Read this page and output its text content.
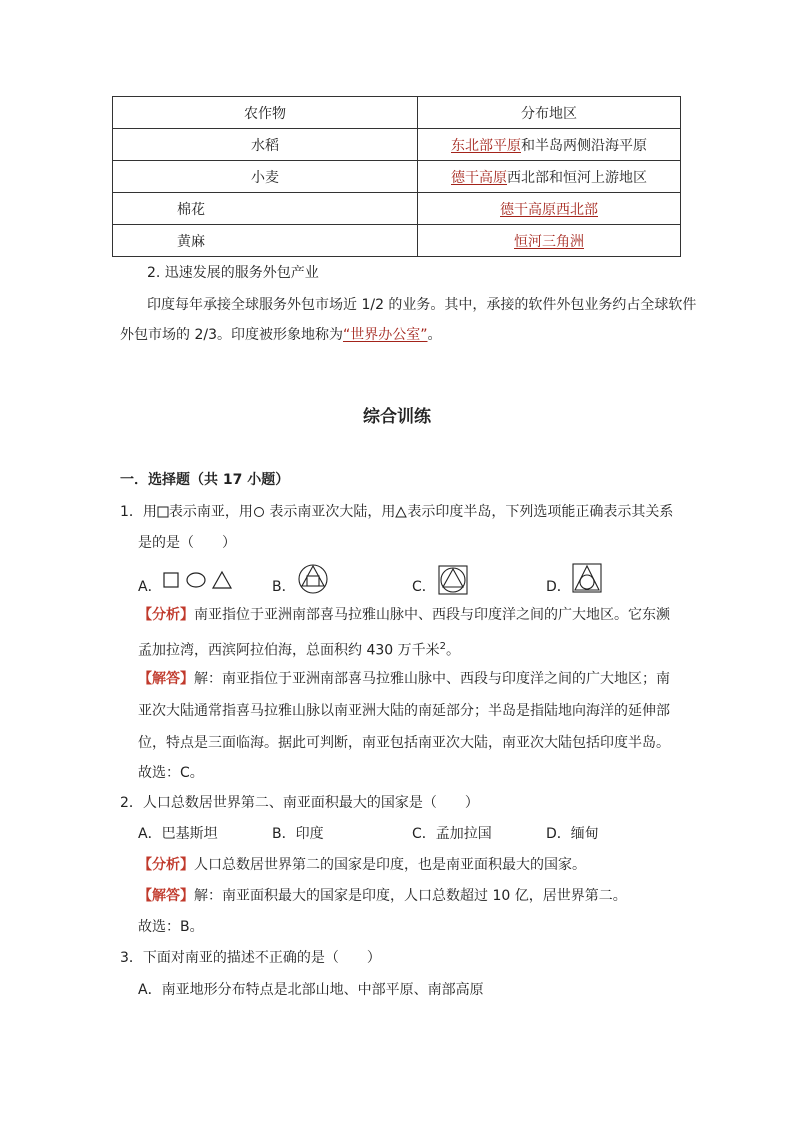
农作物	分布地区
水稻	东北部平原和半岛两侧沿海平原
小麦	德干高原西北部和恒河上游地区
棉花	德干高原西北部
黄麻	恒河三角洲
2. 迅速发展的服务外包产业
印度每年承接全球服务外包市场近 1/2 的业务。其中，承接的软件外包业务约占全球软件
外包市场的 2/3。印度被形象地称为“世界办公室”。
综合训练
一．选择题（共 17 小题）
1．用 表示南亚，用
表示南亚次大陆，用 表示印度半岛，下列选项能正确表示其关系
是的是（　　）
A．	B．	C．	D．
【分析】南亚指位于亚洲南部喜马拉雅山脉中、西段与印度洋之间的广大地区。它东濒
孟加拉湾，西滨阿拉伯海，总面积约 430 万千米$^2$。
【解答】解：南亚指位于亚洲南部喜马拉雅山脉中、西段与印度洋之间的广大地区；南
亚次大陆通常指喜马拉雅山脉以南亚洲大陆的南延部分；半岛是指陆地向海洋的延伸部
位，特点是三面临海。据此可判断，南亚包括南亚次大陆，南亚次大陆包括印度半岛。
故选：C。
2．人口总数居世界第二、南亚面积最大的国家是（　　）
A．巴基斯坦	B．印度	C．孟加拉国	D．缅甸
【分析】人口总数居世界第二的国家是印度，也是南亚面积最大的国家。
【解答】解：南亚面积最大的国家是印度，人口总数超过 10 亿，居世界第二。
故选：B。
3．下面对南亚的描述不正确的是（　　）
A．南亚地形分布特点是北部山地、中部平原、南部高原
